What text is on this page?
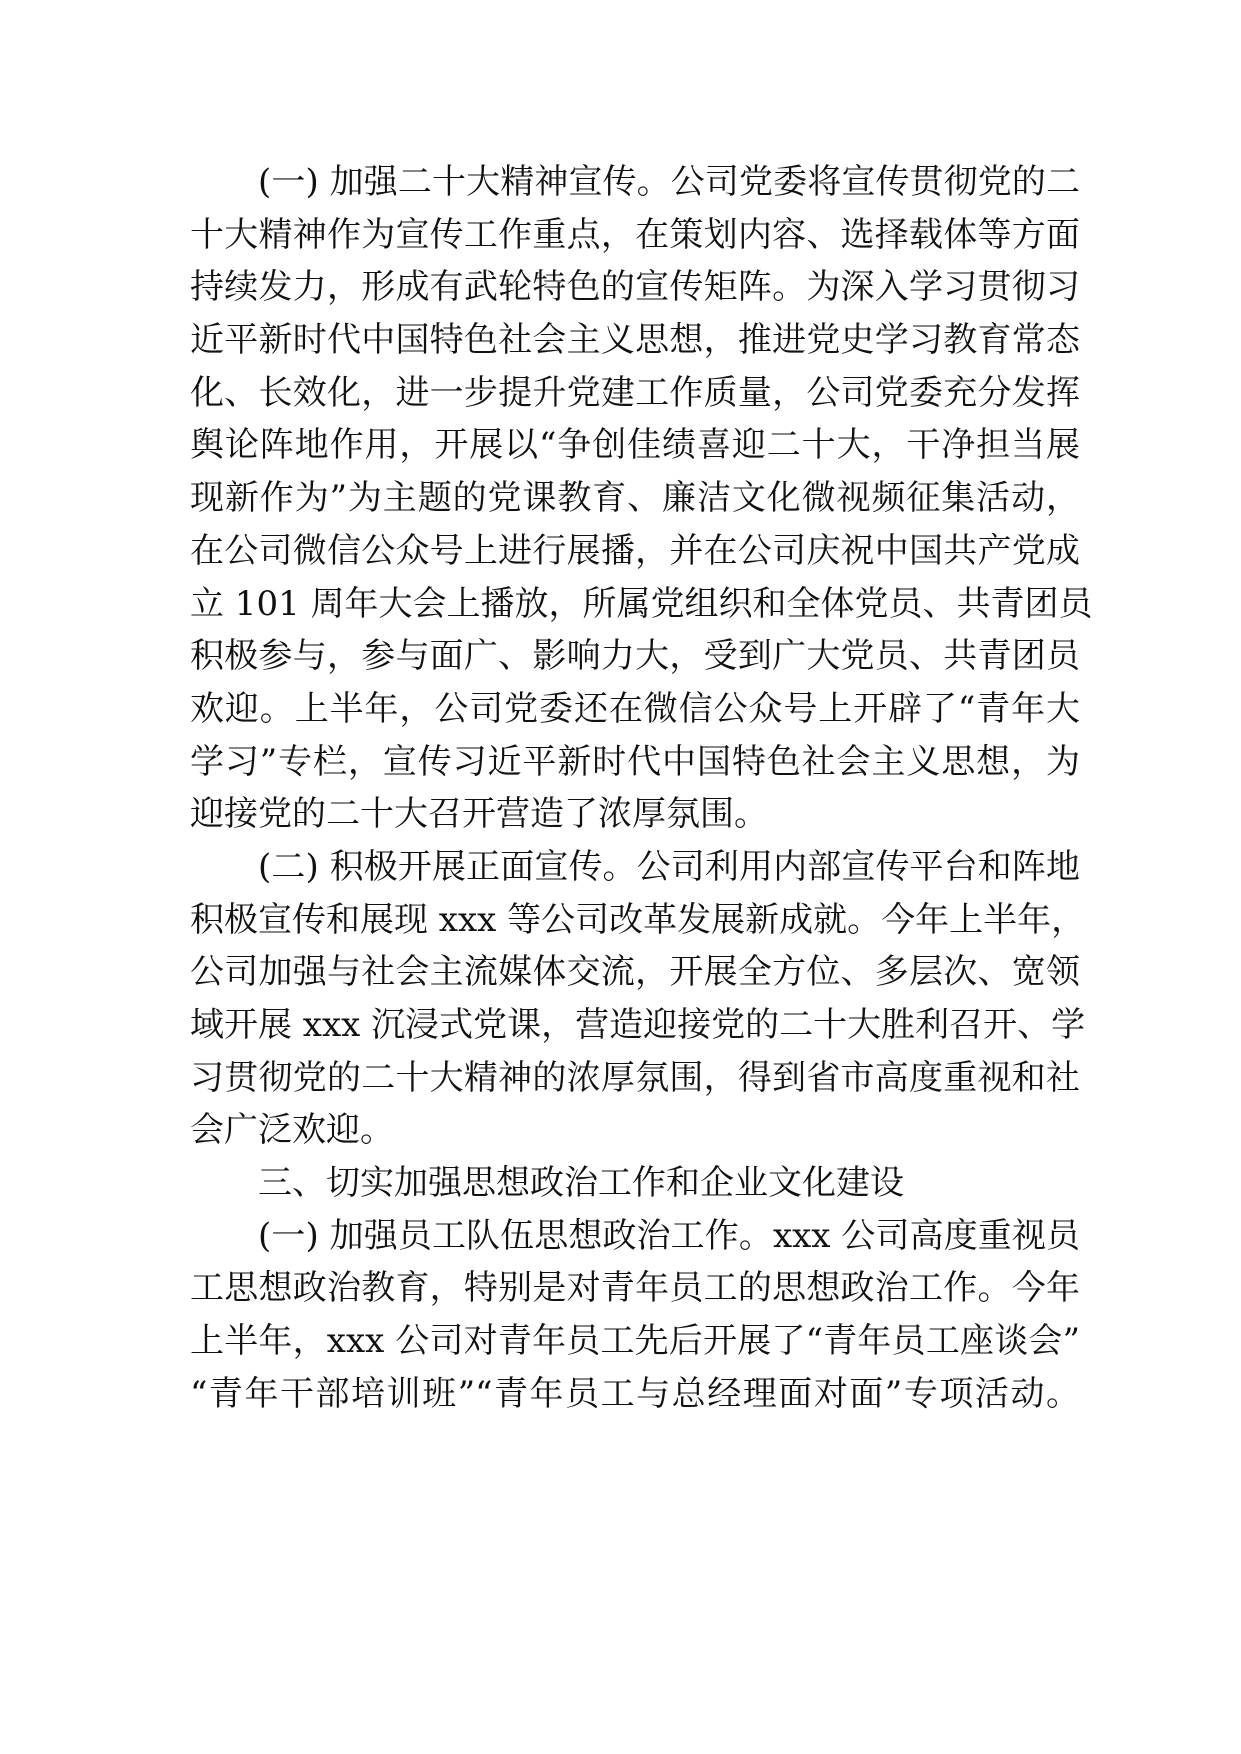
(一) 加强二十大精神宣传。公司党委将宣传贯彻党的二
十大精神作为宣传工作重点，在策划内容、选择载体等方面
持续发力，形成有武轮特色的宣传矩阵。为深入学习贯彻习
近平新时代中国特色社会主义思想，推进党史学习教育常态
化、长效化，进一步提升党建工作质量，公司党委充分发挥
舆论阵地作用，开展以“争创佳绩喜迎二十大，干净担当展
现新作为”为主题的党课教育、廉洁文化微视频征集活动，
在公司微信公众号上进行展播，并在公司庆祝中国共产党成
立 101 周年大会上播放，所属党组织和全体党员、共青团员
积极参与，参与面广、影响力大，受到广大党员、共青团员
欢迎。上半年，公司党委还在微信公众号上开辟了“青年大
学习”专栏，宣传习近平新时代中国特色社会主义思想，为
迎接党的二十大召开营造了浓厚氛围。
(二) 积极开展正面宣传。公司利用内部宣传平台和阵地
积极宣传和展现 xxx 等公司改革发展新成就。今年上半年，
公司加强与社会主流媒体交流，开展全方位、多层次、宽领
域开展 xxx 沉浸式党课，营造迎接党的二十大胜利召开、学
习贯彻党的二十大精神的浓厚氛围，得到省市高度重视和社
会广泛欢迎。
三、切实加强思想政治工作和企业文化建设
(一) 加强员工队伍思想政治工作。xxx 公司高度重视员
工思想政治教育，特别是对青年员工的思想政治工作。今年
上半年，xxx 公司对青年员工先后开展了“青年员工座谈会”
“青年干部培训班”“青年员工与总经理面对面”专项活动。
